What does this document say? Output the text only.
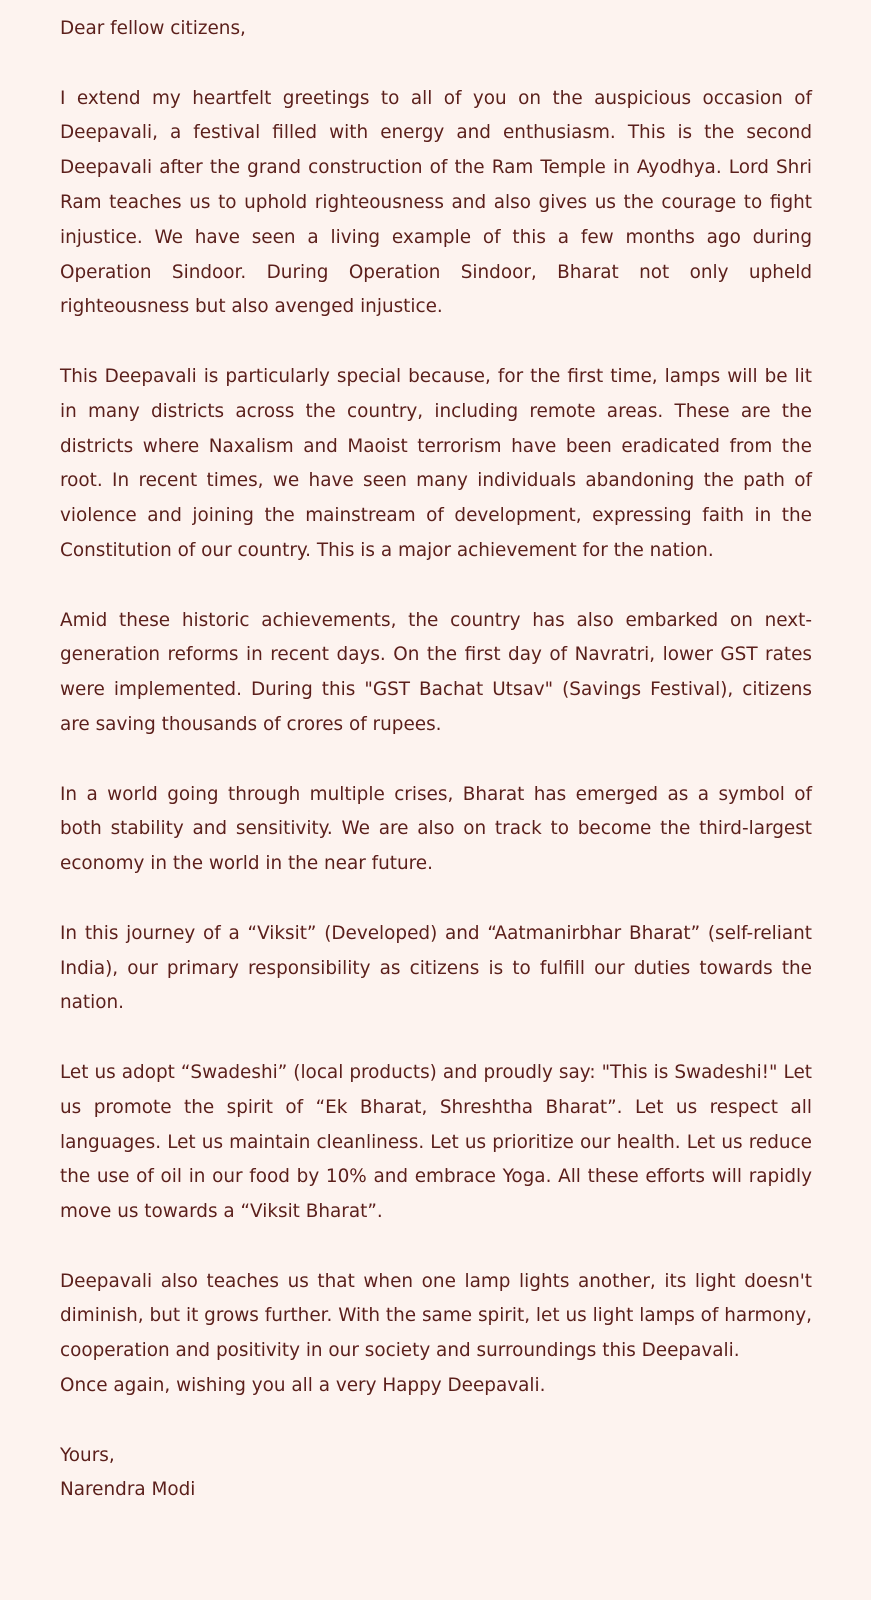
Dear fellow citizens,

I extend my heartfelt greetings to all of you on the auspicious occasion of Deepavali, a festival filled with energy and enthusiasm. This is the second Deepavali after the grand construction of the Ram Temple in Ayodhya. Lord Shri Ram teaches us to uphold righteousness and also gives us the courage to fight injustice. We have seen a living example of this a few months ago during Operation Sindoor. During Operation Sindoor, Bharat not only upheld righteousness but also avenged injustice.

This Deepavali is particularly special because, for the first time, lamps will be lit in many districts across the country, including remote areas. These are the districts where Naxalism and Maoist terrorism have been eradicated from the root. In recent times, we have seen many individuals abandoning the path of violence and joining the mainstream of development, expressing faith in the Constitution of our country. This is a major achievement for the nation.

Amid these historic achievements, the country has also embarked on next-generation reforms in recent days. On the first day of Navratri, lower GST rates were implemented. During this "GST Bachat Utsav" (Savings Festival), citizens are saving thousands of crores of rupees.

In a world going through multiple crises, Bharat has emerged as a symbol of both stability and sensitivity. We are also on track to become the third-largest economy in the world in the near future.

In this journey of a “Viksit” (Developed) and “Aatmanirbhar Bharat” (self-reliant India), our primary responsibility as citizens is to fulfill our duties towards the nation.

Let us adopt “Swadeshi” (local products) and proudly say: "This is Swadeshi!" Let us promote the spirit of “Ek Bharat, Shreshtha Bharat”. Let us respect all languages. Let us maintain cleanliness. Let us prioritize our health. Let us reduce the use of oil in our food by 10% and embrace Yoga. All these efforts will rapidly move us towards a “Viksit Bharat”.

Deepavali also teaches us that when one lamp lights another, its light doesn't diminish, but it grows further. With the same spirit, let us light lamps of harmony, cooperation and positivity in our society and surroundings this Deepavali.

Once again, wishing you all a very Happy Deepavali.

Yours,

Narendra Modi
